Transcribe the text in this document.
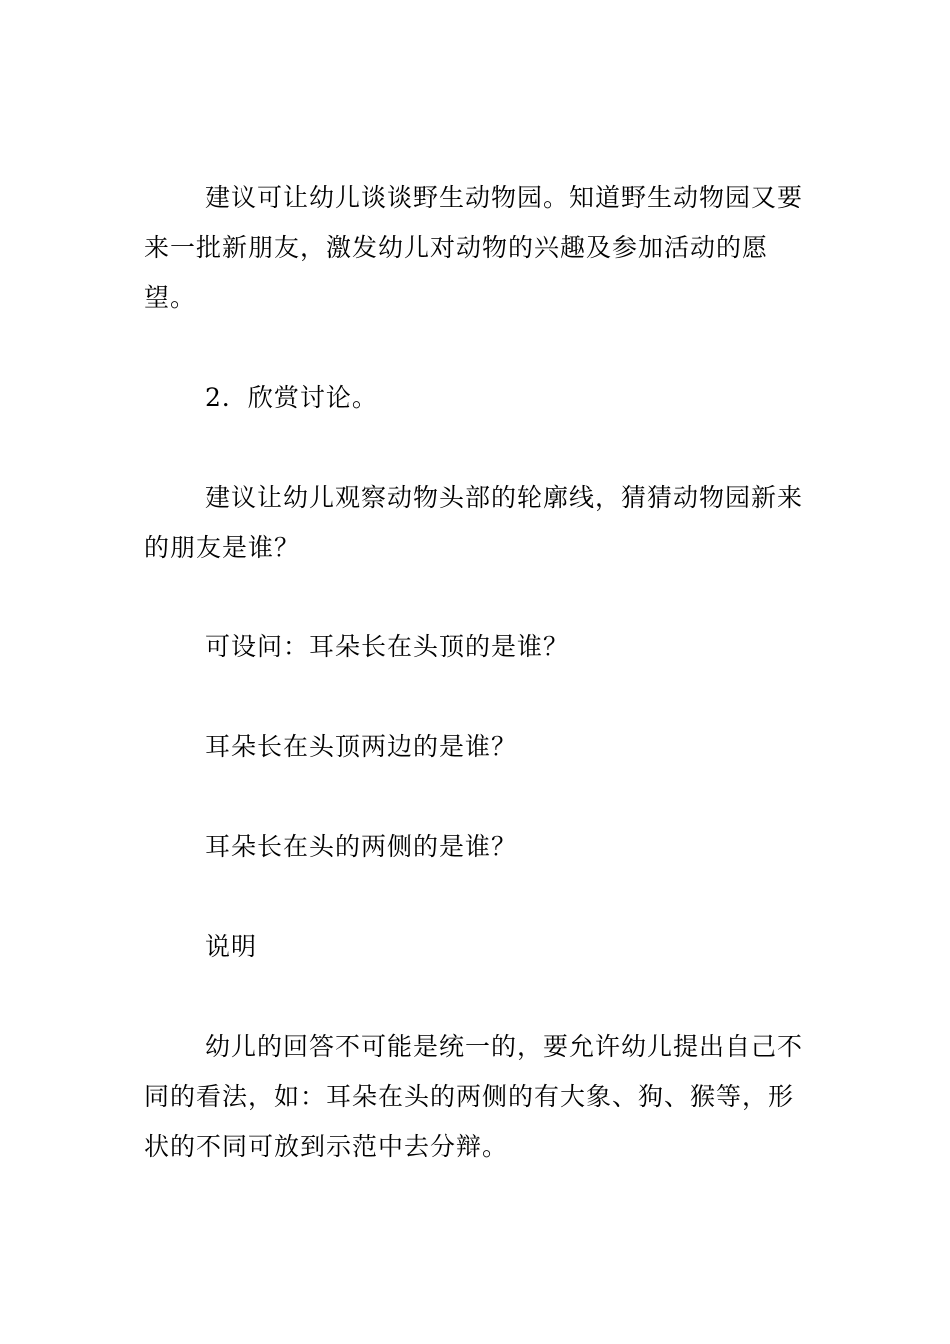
　　 建议可让幼儿谈谈野生动物园。知道野生动物园又要来一批新朋友，激发幼儿对动物的兴趣及参加活动的愿望。

　　 2．欣赏讨论。

　　 建议让幼儿观察动物头部的轮廓线，猜猜动物园新来的朋友是谁？

　　 可设问：耳朵长在头顶的是谁？

　　 耳朵长在头顶两边的是谁？

　　 耳朵长在头的两侧的是谁？

　　 说明

　　 幼儿的回答不可能是统一的，要允许幼儿提出自己不同的看法，如：耳朵在头的两侧的有大象、狗、猴等，形状的不同可放到示范中去分辩。
